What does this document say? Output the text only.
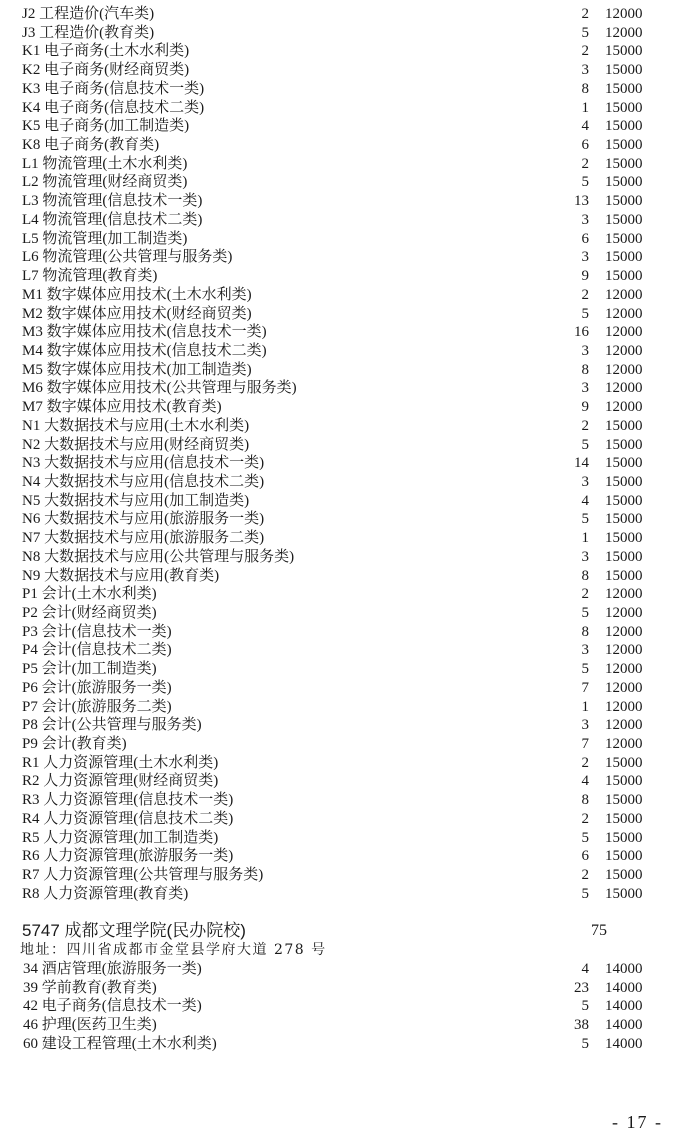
J2 工程造价(汽车类)	2 12000
J3 工程造价(教育类)	5 12000
K1 电子商务(土木水利类)	2 15000
K2 电子商务(财经商贸类)	3 15000
K3 电子商务(信息技术一类)	8 15000
K4 电子商务(信息技术二类)	1 15000
K5 电子商务(加工制造类)	4 15000
K8 电子商务(教育类)	6 15000
L1 物流管理(土木水利类)	2 15000
L2 物流管理(财经商贸类)	5 15000
L3 物流管理(信息技术一类)	13 15000
L4 物流管理(信息技术二类)	3 15000
L5 物流管理(加工制造类)	6 15000
L6 物流管理(公共管理与服务类)	3 15000
L7 物流管理(教育类)	9 15000
M1 数字媒体应用技术(土木水利类)	2 12000
M2 数字媒体应用技术(财经商贸类)	5 12000
M3 数字媒体应用技术(信息技术一类)	16 12000
M4 数字媒体应用技术(信息技术二类)	3 12000
M5 数字媒体应用技术(加工制造类)	8 12000
M6 数字媒体应用技术(公共管理与服务类)	3 12000
M7 数字媒体应用技术(教育类)	9 12000
N1 大数据技术与应用(土木水利类)	2 15000
N2 大数据技术与应用(财经商贸类)	5 15000
N3 大数据技术与应用(信息技术一类)	14 15000
N4 大数据技术与应用(信息技术二类)	3 15000
N5 大数据技术与应用(加工制造类)	4 15000
N6 大数据技术与应用(旅游服务一类)	5 15000
N7 大数据技术与应用(旅游服务二类)	1 15000
N8 大数据技术与应用(公共管理与服务类)	3 15000
N9 大数据技术与应用(教育类)	8 15000
P1 会计(土木水利类)	2 12000
P2 会计(财经商贸类)	5 12000
P3 会计(信息技术一类)	8 12000
P4 会计(信息技术二类)	3 12000
P5 会计(加工制造类)	5 12000
P6 会计(旅游服务一类)	7 12000
P7 会计(旅游服务二类)	1 12000
P8 会计(公共管理与服务类)	3 12000
P9 会计(教育类)	7 12000
R1 人力资源管理(土木水利类)	2 15000
R2 人力资源管理(财经商贸类)	4 15000
R3 人力资源管理(信息技术一类)	8 15000
R4 人力资源管理(信息技术二类)	2 15000
R5 人力资源管理(加工制造类)	5 15000
R6 人力资源管理(旅游服务一类)	6 15000
R7 人力资源管理(公共管理与服务类)	2 15000
R8 人力资源管理(教育类)	5 15000
5747 成都文理学院(民办院校)	75
地址：四川省成都市金堂县学府大道 278 号
34 酒店管理(旅游服务一类)	4 14000
39 学前教育(教育类)	23 14000
42 电子商务(信息技术一类)	5 14000
46 护理(医药卫生类)	38 14000
60 建设工程管理(土木水利类)	5 14000
- 17 -
